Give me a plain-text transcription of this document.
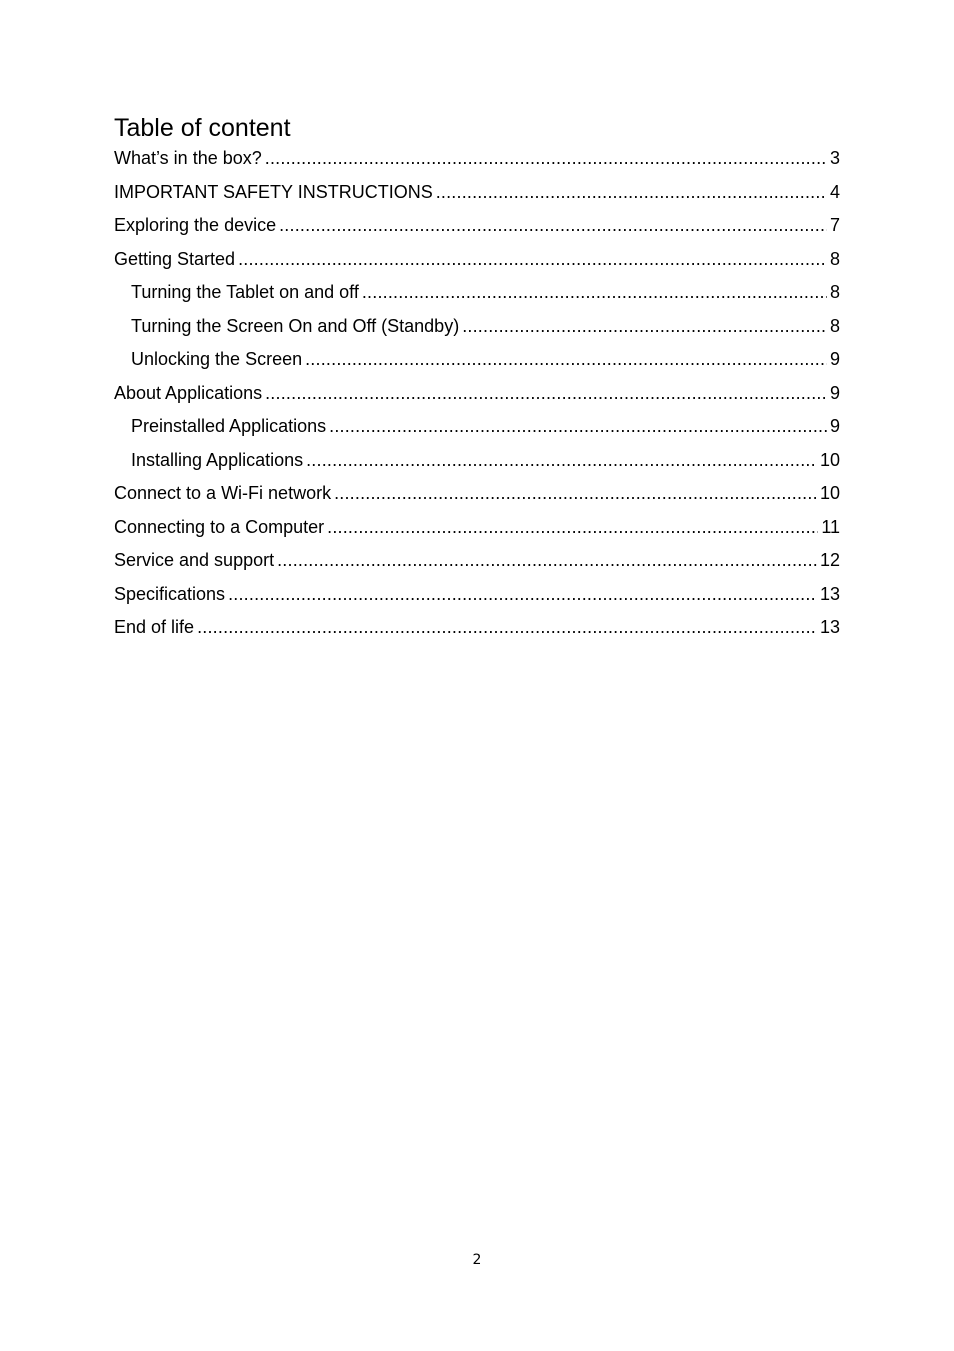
Table of content
What’s in the box? .....	3
IMPORTANT SAFETY INSTRUCTIONS .....	4
Exploring the device .....	7
Getting Started .....	8
Turning the Tablet on and off .....	8
Turning the Screen On and Off (Standby) .....	8
Unlocking the Screen .....	9
About Applications .....	9
Preinstalled Applications .....	9
Installing Applications .....	10
Connect to a Wi-Fi network .....	10
Connecting to a Computer .....	11
Service and support .....	12
Specifications .....	13
End of life .....	13
2
